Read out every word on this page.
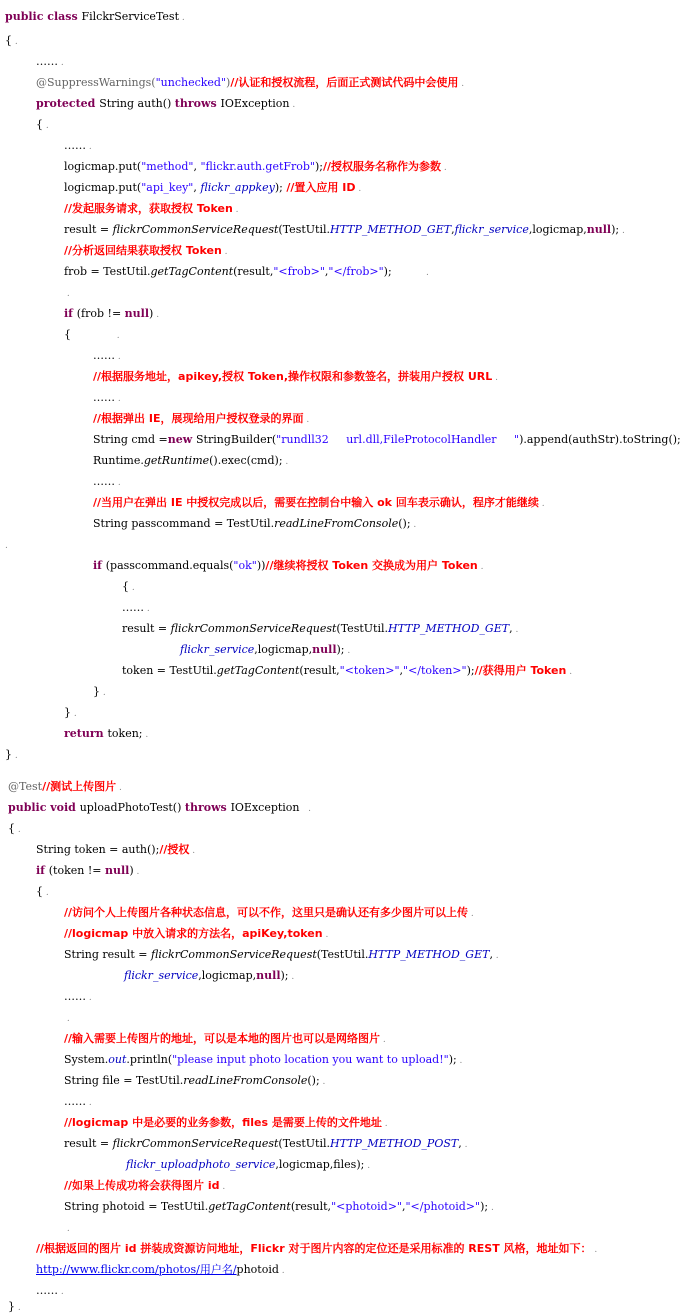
public class FilckrServiceTest .
{ .
…… .
@SuppressWarnings("unchecked")//认证和授权流程，后面正式测试代码中会使用 .
protected String auth() throws IOException .
{ .
…… .
logicmap.put("method", "flickr.auth.getFrob");//授权服务名称作为参数 .
logicmap.put("api_key", flickr_appkey); //置入应用 ID .
//发起服务请求，获取授权 Token .
result = flickrCommonServiceRequest(TestUtil.HTTP_METHOD_GET,flickr_service,logicmap,null); .
//分析返回结果获取授权 Token .
frob = TestUtil.getTagContent(result,"<frob>","</frob>");            .
.
if (frob != null) .
{                .
…… .
//根据服务地址，apikey,授权 Token,操作权限和参数签名，拼装用户授权 URL .
…… .
//根据弹出 IE，展现给用户授权登录的界面 .
String cmd =new StringBuilder("rundll32     url.dll,FileProtocolHandler     ").append(authStr).toString();
Runtime.getRuntime().exec(cmd); .
…… .
//当用户在弹出 IE 中授权完成以后，需要在控制台中输入 ok 回车表示确认，程序才能继续 .
String passcommand = TestUtil.readLineFromConsole(); .
.
if (passcommand.equals("ok"))//继续将授权 Token 交换成为用户 Token .
{ .
…… .
result = flickrCommonServiceRequest(TestUtil.HTTP_METHOD_GET, .
flickr_service,logicmap,null); .
token = TestUtil.getTagContent(result,"<token>","</token>");//获得用户 Token .
} .
} .
return token; .
} .
@Test//测试上传图片 .
public void uploadPhotoTest() throws IOException   .
{ .
String token = auth();//授权 .
if (token != null) .
{ .
//访问个人上传图片各种状态信息，可以不作，这里只是确认还有多少图片可以上传 .
//logicmap 中放入请求的方法名，apiKey,token .
String result = flickrCommonServiceRequest(TestUtil.HTTP_METHOD_GET, .
flickr_service,logicmap,null); .
…… .
.
//输入需要上传图片的地址，可以是本地的图片也可以是网络图片 .
System.out.println("please input photo location you want to upload!"); .
String file = TestUtil.readLineFromConsole(); .
…… .
//logicmap 中是必要的业务参数，files 是需要上传的文件地址 .
result = flickrCommonServiceRequest(TestUtil.HTTP_METHOD_POST, .
flickr_uploadphoto_service,logicmap,files); .
//如果上传成功将会获得图片 id .
String photoid = TestUtil.getTagContent(result,"<photoid>","</photoid>"); .
.
//根据返回的图片 id 拼装成资源访问地址，Flickr 对于图片内容的定位还是采用标准的 REST 风格，地址如下： .
http://www.flickr.com/photos/用户名/photoid .
…… .
} .
